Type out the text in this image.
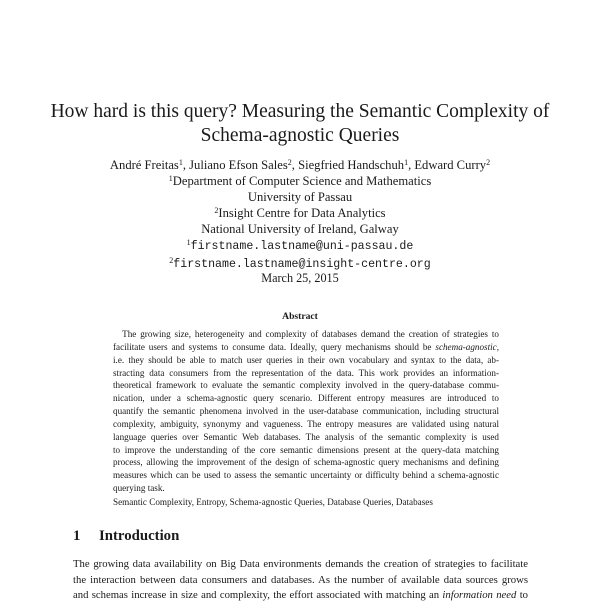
How hard is this query? Measuring the Semantic Complexity of
Schema-agnostic Queries
André Freitas$^1$, Juliano Efson Sales$^2$, Siegfried Handschuh$^1$, Edward Curry$^2$
$^1$Department of Computer Science and Mathematics
University of Passau
$^2$Insight Centre for Data Analytics
National University of Ireland, Galway
$^1$firstname.lastname@uni-passau.de
$^2$firstname.lastname@insight-centre.org
March 25, 2015
Abstract
 The growing size, heterogeneity and complexity of databases demand the creation of strategies to
facilitate users and systems to consume data. Ideally, query mechanisms should be schema-agnostic,
i.e. they should be able to match user queries in their own vocabulary and syntax to the data, ab-
stracting data consumers from the representation of the data. This work provides an information-
theoretical framework to evaluate the semantic complexity involved in the query-database commu-
nication, under a schema-agnostic query scenario. Different entropy measures are introduced to
quantify the semantic phenomena involved in the user-database communication, including structural
complexity, ambiguity, synonymy and vagueness. The entropy measures are validated using natural
language queries over Semantic Web databases. The analysis of the semantic complexity is used
to improve the understanding of the core semantic dimensions present at the query-data matching
process, allowing the improvement of the design of schema-agnostic query mechanisms and defining
measures which can be used to assess the semantic uncertainty or difficulty behind a schema-agnostic
querying task.
Semantic Complexity, Entropy, Schema-agnostic Queries, Database Queries, Databases
1 Introduction
The growing data availability on Big Data environments demands the creation of strategies to facilitate
the interaction between data consumers and databases. As the number of available data sources grows
and schemas increase in size and complexity, the effort associated with matching an information need to
